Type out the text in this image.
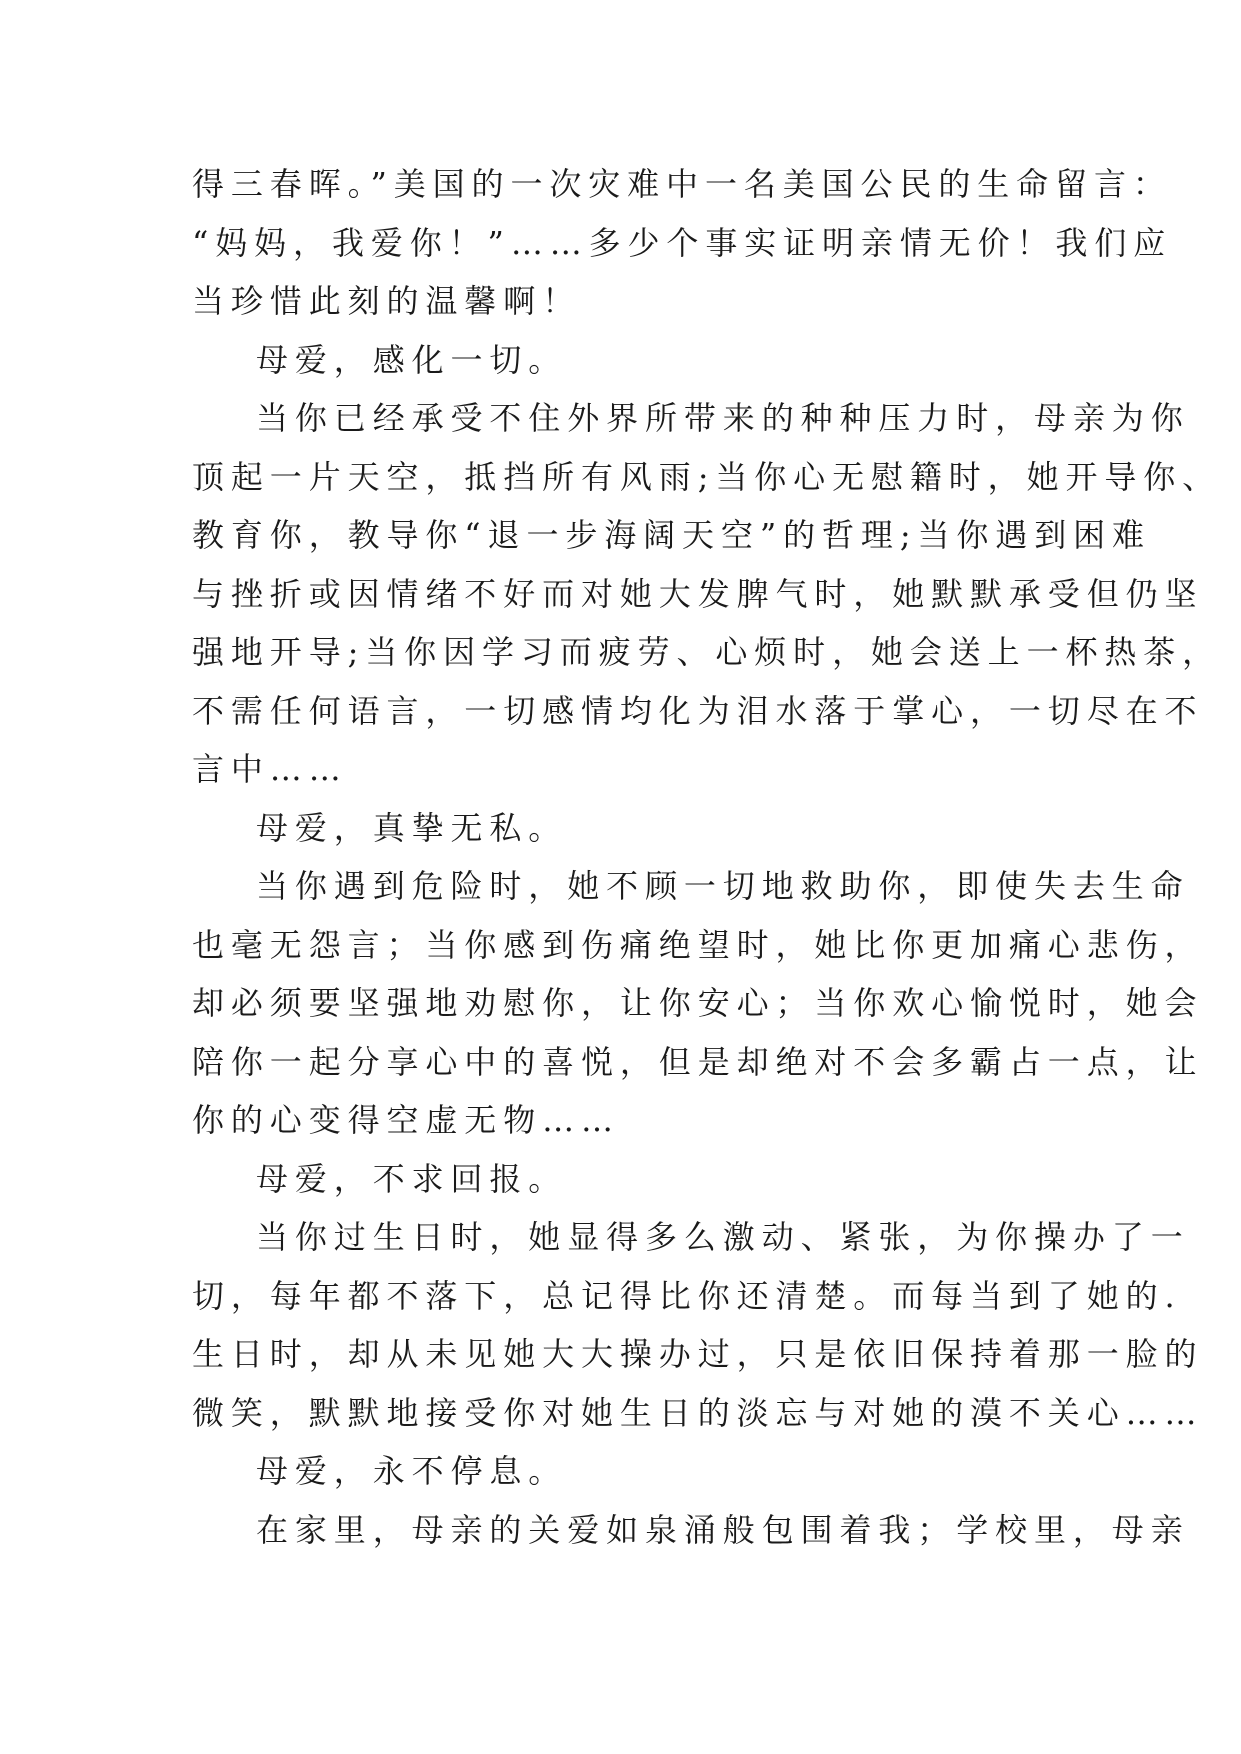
得三春晖。”美国的一次灾难中一名美国公民的生命留言：
“妈妈，我爱你！”……多少个事实证明亲情无价！我们应
当珍惜此刻的温馨啊！
母爱，感化一切。
当你已经承受不住外界所带来的种种压力时，母亲为你
顶起一片天空，抵挡所有风雨;当你心无慰籍时，她开导你、
教育你，教导你“退一步海阔天空”的哲理;当你遇到困难
与挫折或因情绪不好而对她大发脾气时，她默默承受但仍坚
强地开导;当你因学习而疲劳、心烦时，她会送上一杯热茶，
不需任何语言，一切感情均化为泪水落于掌心，一切尽在不
言中……
母爱，真挚无私。
当你遇到危险时，她不顾一切地救助你，即使失去生命
也毫无怨言；当你感到伤痛绝望时，她比你更加痛心悲伤，
却必须要坚强地劝慰你，让你安心；当你欢心愉悦时，她会
陪你一起分享心中的喜悦，但是却绝对不会多霸占一点，让
你的心变得空虚无物……
母爱，不求回报。
当你过生日时，她显得多么激动、紧张，为你操办了一
切，每年都不落下，总记得比你还清楚。而每当到了她的.
生日时，却从未见她大大操办过，只是依旧保持着那一脸的
微笑，默默地接受你对她生日的淡忘与对她的漠不关心……
母爱，永不停息。
在家里，母亲的关爱如泉涌般包围着我；学校里，母亲
